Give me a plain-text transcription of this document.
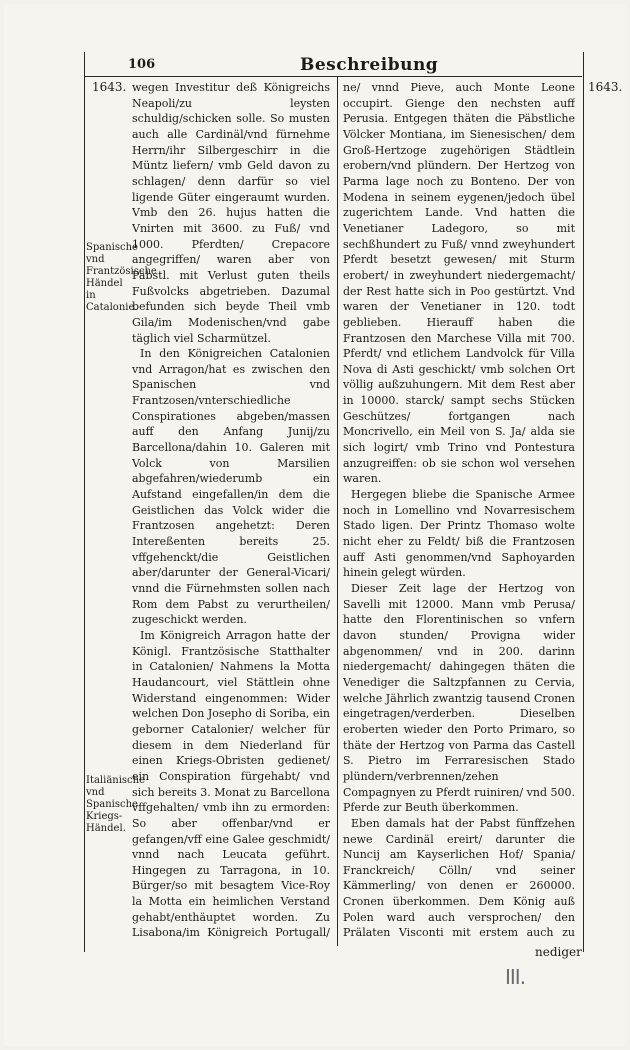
106	Beschreibung
1643.	1643.
Spanische vnd Frantzösische Händel in Catalonie.
Italiänische vnd Spanische Kriegs-Händel.

wegen Investitur deß Königreichs Neapoli/zu leysten schuldig/schicken solle. So musten auch alle Cardinäl/vnd fürnehme Herrn/ihr Silbergeschirr in die Müntz liefern/ vmb Geld davon zu schlagen/ denn darfür so viel ligende Güter eingeraumt wurden. Vmb den 26. hujus hatten die Vnirten mit 3600. zu Fuß/ vnd 1000. Pferdten/ Crepacore angegriffen/ waren aber von Päbstl. mit Verlust guten theils Fußvolcks abgetrieben. Dazumal befunden sich beyde Theil vmb Gila/im Modenischen/vnd gabe täglich viel Scharmützel.

In den Königreichen Catalonien vnd Arragon/hat es zwischen den Spanischen vnd Frantzosen/vnterschiedliche Conspirationes abgeben/massen auff den Anfang Junij/zu Barcellona/dahin 10. Galeren mit Volck von Marsilien abgefahren/wiederumb ein Aufstand eingefallen/in dem die Geistlichen das Volck wider die Frantzosen angehetzt: Deren Intereßenten bereits 25. vffgehenckt/die Geistlichen aber/darunter der General-Vicari/ vnnd die Fürnehmsten sollen nach Rom dem Pabst zu verurtheilen/ zugeschickt werden.

Im Königreich Arragon hatte der Königl. Frantzösische Statthalter in Catalonien/ Nahmens la Motta Haudancourt, viel Stättlein ohne Widerstand eingenommen: Wider welchen Don Josepho di Soriba, ein geborner Catalonier/ welcher für diesem in dem Niederland für einen Kriegs-Obristen gedienet/ ein Conspiration fürgehabt/ vnd sich bereits 3. Monat zu Barcellona vffgehalten/ vmb ihn zu ermorden: So aber offenbar/vnd er gefangen/vff eine Galee geschmidt/ vnnd nach Leucata geführt. Hingegen zu Tarragona, in 10. Bürger/so mit besagtem Vice-Roy la Motta ein heimlichen Verstand gehabt/enthäuptet worden. Zu Lisabona/im Königreich Portugall/

ne/ vnnd Pieve, auch Monte Leone occupirt. Gienge den nechsten auff Perusia. Entgegen thäten die Päbstliche Völcker Montiana, im Sienesischen/ dem Groß-Hertzoge zugehörigen Städtlein erobern/vnd plündern. Der Hertzog von Parma lage noch zu Bonteno. Der von Modena in seinem eygenen/jedoch übel zugerichtem Lande. Vnd hatten die Venetianer Ladegoro, so mit sechßhundert zu Fuß/ vnnd zweyhundert Pferdt besetzt gewesen/ mit Sturm erobert/ in zweyhundert niedergemacht/ der Rest hatte sich in Poo gestürtzt. Vnd waren der Venetianer in 120. todt geblieben. Hierauff haben die Frantzosen den Marchese Villa mit 700. Pferdt/ vnd etlichem Landvolck für Villa Nova di Asti geschickt/ vmb solchen Ort völlig außzuhungern. Mit dem Rest aber in 10000. starck/ sampt sechs Stücken Geschützes/ fortgangen nach Moncrivello, ein Meil von S. Ja/ alda sie sich logirt/ vmb Trino vnd Pontestura anzugreiffen: ob sie schon wol versehen waren.

Hergegen bliebe die Spanische Armee noch in Lomellino vnd Novarresischem Stado ligen. Der Printz Thomaso wolte nicht eher zu Feldt/ biß die Frantzosen auff Asti genommen/vnd Saphoyarden hinein gelegt würden.

Dieser Zeit lage der Hertzog von Savelli mit 12000. Mann vmb Perusa/ hatte den Florentinischen so vnfern davon stunden/ Provigna wider abgenommen/ vnd in 200. darinn niedergemacht/ dahingegen thäten die Venediger die Saltzpfannen zu Cervia, welche Jährlich zwantzig tausend Cronen eingetragen/verderben. Dieselben eroberten wieder den Porto Primaro, so thäte der Hertzog von Parma das Castell S. Pietro im Ferraresischen Stado plündern/verbrennen/zehen Compagnyen zu Pferdt ruiniren/ vnd 500. Pferde zur Beuth überkommen.

Eben damals hat der Pabst fünffzehen newe Cardinäl ereirt/ darunter die Nuncij am Kayserlichen Hof/ Spania/ Franckreich/ Cölln/ vnd seiner Kämmerling/ von denen er 260000. Cronen überkommen. Dem König auß Polen ward auch versprochen/ den Prälaten Visconti mit erstem auch zu

nediger
III.
